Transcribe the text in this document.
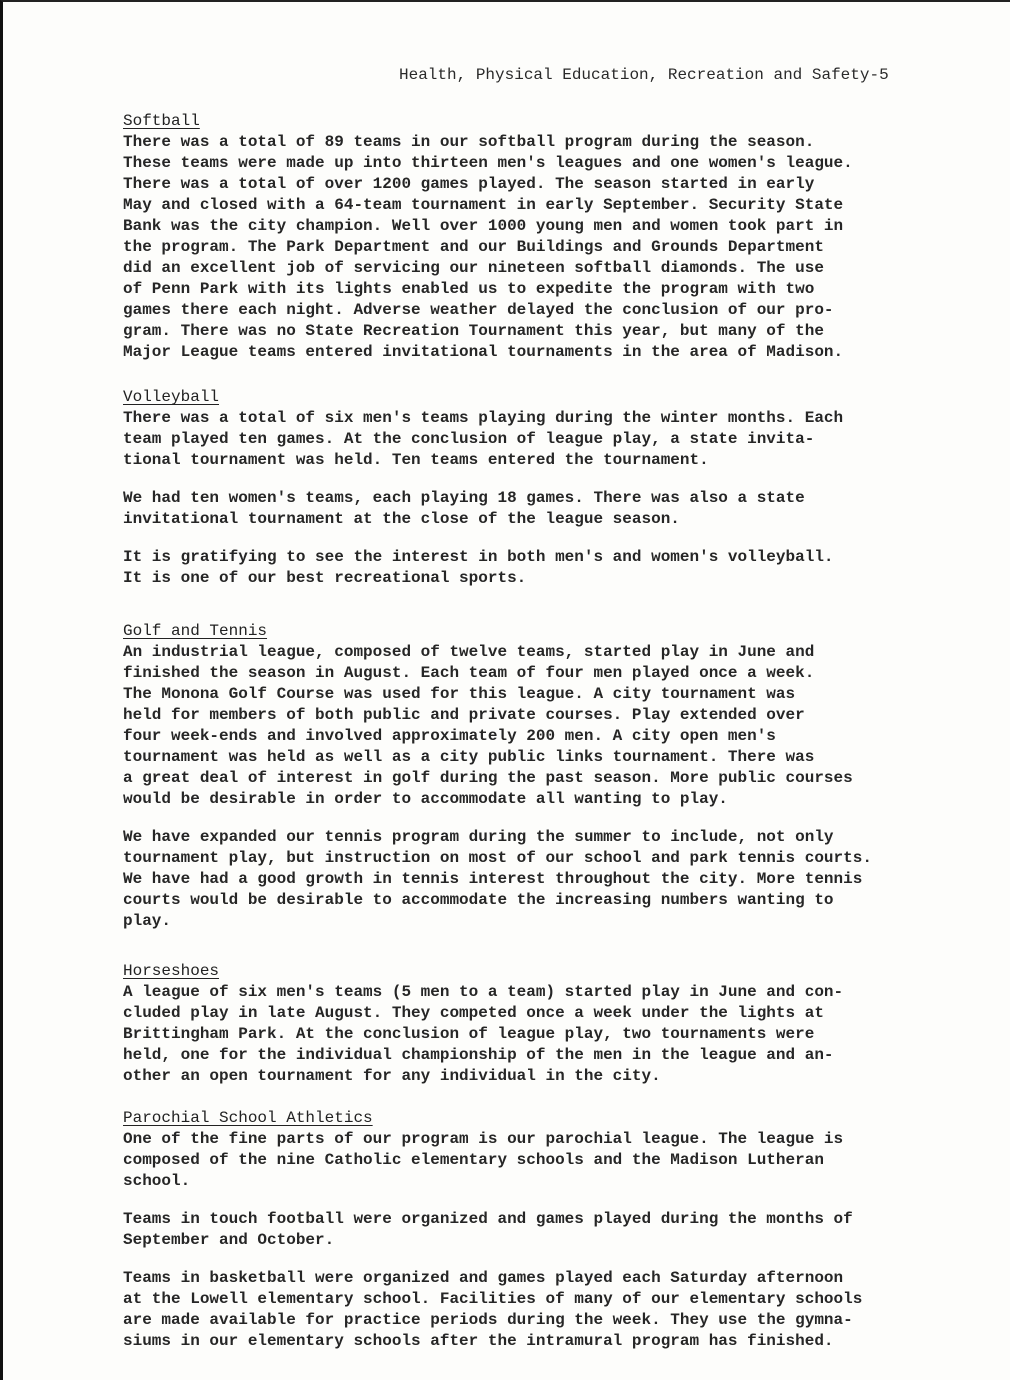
Health, Physical Education, Recreation and Safety-5
Softball

There was a total of 89 teams in our softball program during the season.
These teams were made up into thirteen men's leagues and one women's league.
There was a total of over 1200 games played. The season started in early
May and closed with a 64-team tournament in early September. Security State
Bank was the city champion. Well over 1000 young men and women took part in
the program. The Park Department and our Buildings and Grounds Department
did an excellent job of servicing our nineteen softball diamonds. The use
of Penn Park with its lights enabled us to expedite the program with two
games there each night. Adverse weather delayed the conclusion of our pro-
gram. There was no State Recreation Tournament this year, but many of the
Major League teams entered invitational tournaments in the area of Madison.

Volleyball

There was a total of six men's teams playing during the winter months. Each
team played ten games. At the conclusion of league play, a state invita-
tional tournament was held. Ten teams entered the tournament.

We had ten women's teams, each playing 18 games. There was also a state
invitational tournament at the close of the league season.

It is gratifying to see the interest in both men's and women's volleyball.
It is one of our best recreational sports.

Golf and Tennis

An industrial league, composed of twelve teams, started play in June and
finished the season in August. Each team of four men played once a week.
The Monona Golf Course was used for this league. A city tournament was
held for members of both public and private courses. Play extended over
four week-ends and involved approximately 200 men. A city open men's
tournament was held as well as a city public links tournament. There was
a great deal of interest in golf during the past season. More public courses
would be desirable in order to accommodate all wanting to play.

We have expanded our tennis program during the summer to include, not only
tournament play, but instruction on most of our school and park tennis courts.
We have had a good growth in tennis interest throughout the city. More tennis
courts would be desirable to accommodate the increasing numbers wanting to
play.

Horseshoes

A league of six men's teams (5 men to a team) started play in June and con-
cluded play in late August. They competed once a week under the lights at
Brittingham Park. At the conclusion of league play, two tournaments were
held, one for the individual championship of the men in the league and an-
other an open tournament for any individual in the city.

Parochial School Athletics

One of the fine parts of our program is our parochial league. The league is
composed of the nine Catholic elementary schools and the Madison Lutheran
school.

Teams in touch football were organized and games played during the months of
September and October.

Teams in basketball were organized and games played each Saturday afternoon
at the Lowell elementary school. Facilities of many of our elementary schools
are made available for practice periods during the week. They use the gymna-
siums in our elementary schools after the intramural program has finished.
